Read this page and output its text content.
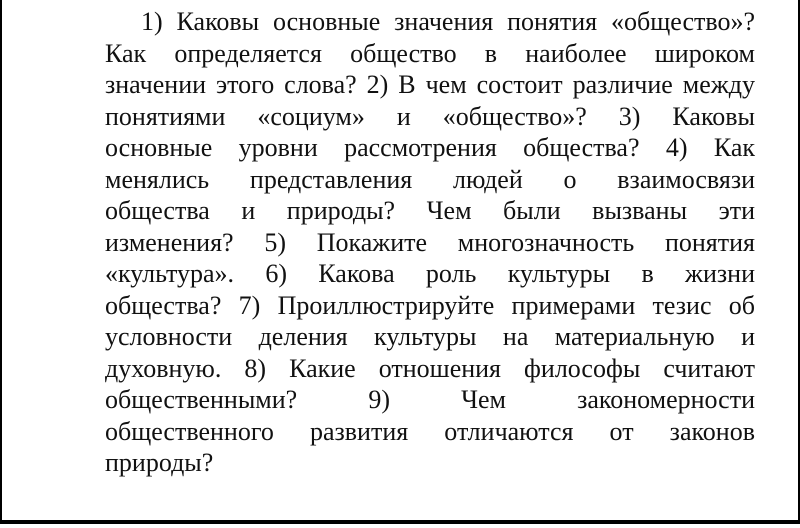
1) Каковы основные значения понятия «общество»?
Как определяется общество в наиболее широком
значении этого слова? 2) В чем состоит различие между
понятиями «социум» и «общество»? 3) Каковы
основные уровни рассмотрения общества? 4) Как
менялись представления людей о взаимосвязи
общества и природы? Чем были вызваны эти
изменения? 5) Покажите многозначность понятия
«культура». 6) Какова роль культуры в жизни
общества? 7) Проиллюстрируйте примерами тезис об
условности деления культуры на материальную и
духовную. 8) Какие отношения философы считают
общественными? 9) Чем закономерности
общественного развития отличаются от законов
природы?
